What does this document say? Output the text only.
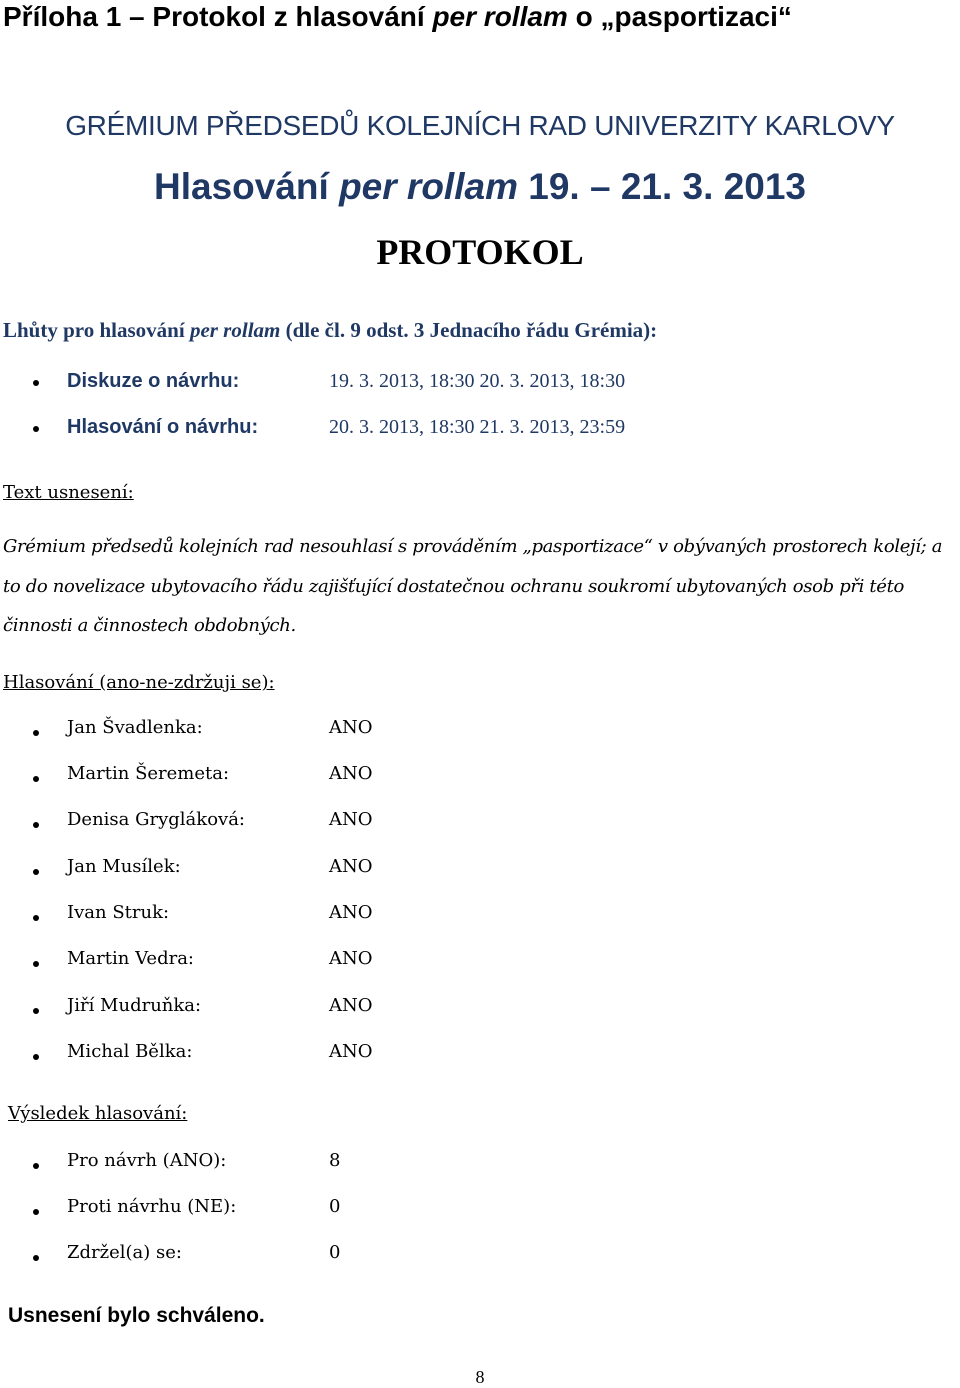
Příloha 1 – Protokol z hlasování per rollam o „pasportizaci“
GRÉMIUM PŘEDSEDŮ KOLEJNÍCH RAD UNIVERZITY KARLOVY
Hlasování per rollam 19. – 21. 3. 2013
PROTOKOL
Lhůty pro hlasování per rollam (dle čl. 9 odst. 3 Jednacího řádu Grémia):
Diskuze o návrhu:	19. 3. 2013, 18:30 20. 3. 2013, 18:30
Hlasování o návrhu:	20. 3. 2013, 18:30 21. 3. 2013, 23:59
Text usnesení:
Grémium předsedů kolejních rad nesouhlasí s prováděním „pasportizace“ v obývaných prostorech kolejí; a to do novelizace ubytovacího řádu zajišťující dostatečnou ochranu soukromí ubytovaných osob při této činnosti a činnostech obdobných.
Hlasování (ano-ne-zdržuji se):
Jan Švadlenka:	ANO
Martin Šeremeta:	ANO
Denisa Grygláková:	ANO
Jan Musílek:	ANO
Ivan Struk:	ANO
Martin Vedra:	ANO
Jiří Mudruňka:	ANO
Michal Bělka:	ANO
Výsledek hlasování:
Pro návrh (ANO):	8
Proti návrhu (NE):	0
Zdržel(a) se:	0
Usnesení bylo schváleno.
8
